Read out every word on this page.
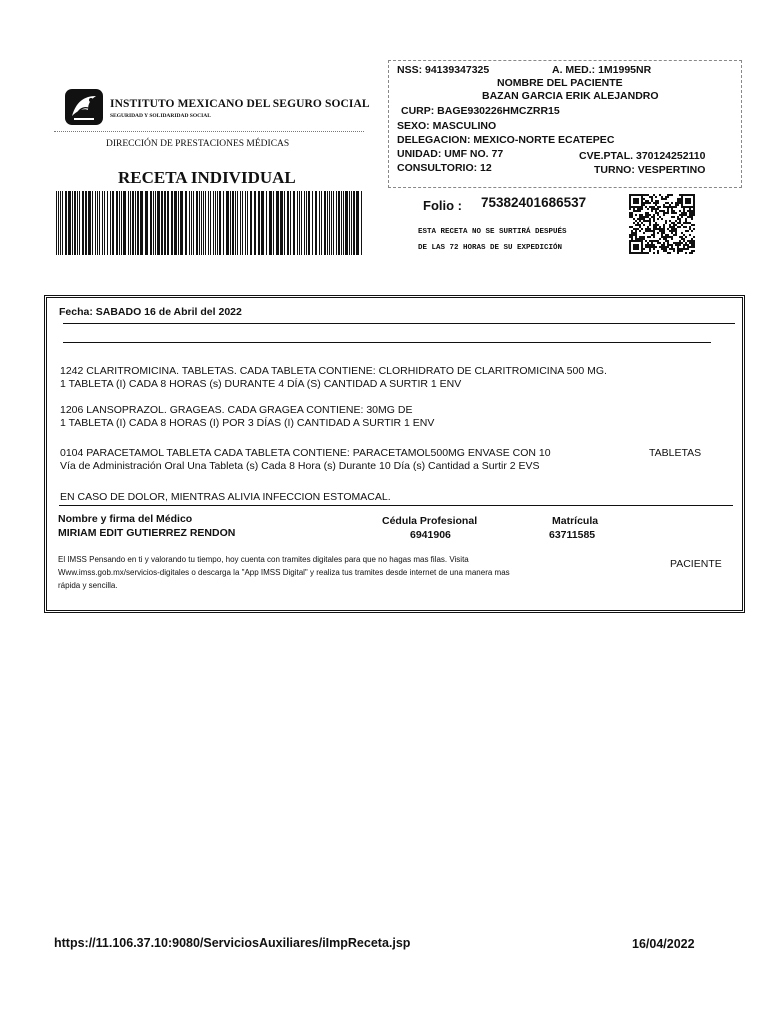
INSTITUTO MEXICANO DEL SEGURO SOCIAL
SEGURIDAD Y SOLIDARIDAD SOCIAL
DIRECCIÓN DE PRESTACIONES MÉDICAS
RECETA INDIVIDUAL
NSS: 94139347325	A. MED.: 1M1995NR
NOMBRE DEL PACIENTE
BAZAN GARCIA ERIK ALEJANDRO
CURP: BAGE930226HMCZRR15
SEXO: MASCULINO
DELEGACION: MEXICO-NORTE ECATEPEC
UNIDAD: UMF NO. 77	CVE.PTAL. 370124252110
CONSULTORIO: 12	TURNO: VESPERTINO
Folio : 75382401686537
ESTA RECETA NO SE SURTIRÁ DESPUÉS
DE LAS 72 HORAS DE SU EXPEDICIÓN
Fecha: SABADO 16 de Abril del 2022
1242 CLARITROMICINA. TABLETAS. CADA TABLETA CONTIENE: CLORHIDRATO DE CLARITROMICINA 500 MG.
1 TABLETA (I) CADA 8 HORAS (s) DURANTE 4 DÍA (S) CANTIDAD A SURTIR 1 ENV
1206 LANSOPRAZOL. GRAGEAS. CADA GRAGEA CONTIENE: 30MG DE
1 TABLETA (I) CADA 8 HORAS (I) POR 3 DÍAS (I) CANTIDAD A SURTIR 1 ENV
0104 PARACETAMOL TABLETA CADA TABLETA CONTIENE: PARACETAMOL500MG ENVASE CON 10
Vía de Administración Oral Una Tableta (s) Cada 8 Hora (s) Durante 10 Día (s) Cantidad a Surtir 2 EVS
TABLETAS
EN CASO DE DOLOR, MIENTRAS ALIVIA INFECCION ESTOMACAL.
Nombre y firma del Médico
MIRIAM EDIT GUTIERREZ RENDON
Cédula Profesional
6941906
Matrícula
63711585
El IMSS Pensando en ti y valorando tu tiempo, hoy cuenta con tramites digitales para que no hagas mas filas. Visita
Www.imss.gob.mx/servicios-digitales o descarga la "App IMSS Digital" y realiza tus tramites desde internet de una manera mas
rápida y sencilla.
PACIENTE
https://11.106.37.10:9080/ServiciosAuxiliares/iImpReceta.jsp	16/04/2022
